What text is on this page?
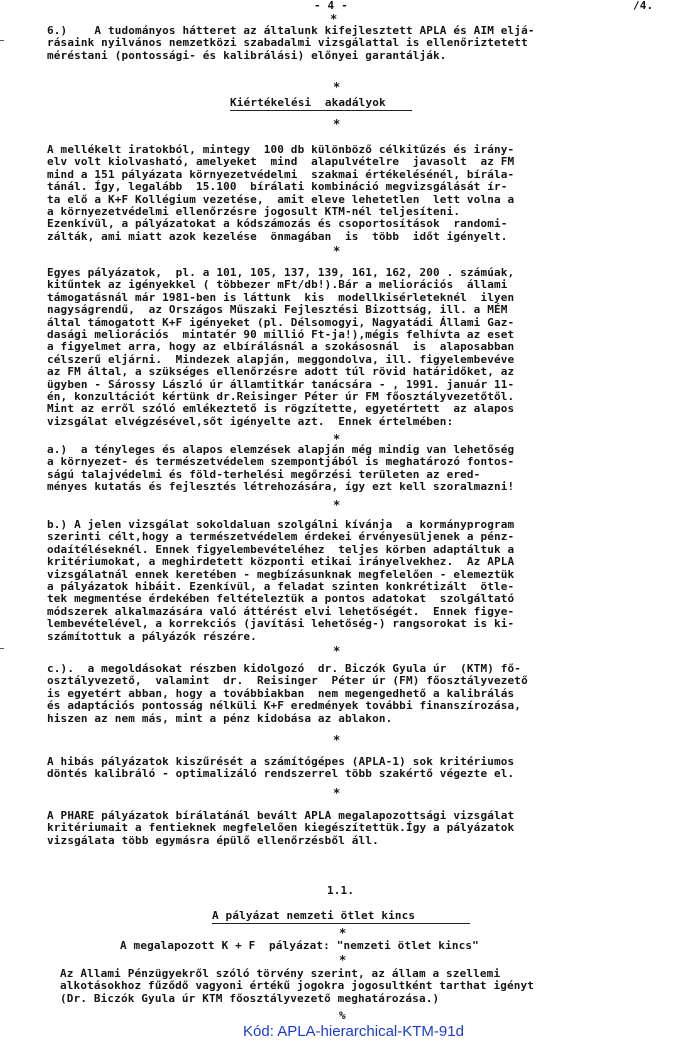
- 4 -	/4.
*
6.)    A tudományos hátteret az általunk kifejlesztett APLA és AIM eljá-
rásaink nyilvános nemzetközi szabadalmi vizsgálattal is ellenőriztetett
méréstani (pontossági- és kalibrálási) előnyei garantálják.
*
Kiértékelési  akadályok
*
A mellékelt iratokból, mintegy  100 db különböző célkitűzés és irány-
elv volt kiolvasható, amelyeket  mind  alapulvételre  javasolt  az FM
mind a 151 pályázata környezetvédelmi  szakmai értékelésénél, bírála-
tánál. Így, legalább  15.100  bírálati kombináció megvizsgálását ír-
ta elő a K+F Kollégium vezetése,  amit eleve lehetetlen  lett volna a
a környezetvédelmi ellenőrzésre jogosult KTM-nél teljesíteni.
Ezenkívül, a pályázatokat a kódszámozás és csoportosítások  randomi-
zálták, ami miatt azok kezelése  önmagában  is  több  időt igényelt.
*
Egyes pályázatok,  pl. a 101, 105, 137, 139, 161, 162, 200 . számúak,
kitűntek az igényekkel ( többezer mFt/db!).Bár a meliorációs  állami
támogatásnál már 1981-ben is láttunk  kis  modellkisérleteknél  ilyen
nagyságrendű,  az Országos Műszaki Fejlesztési Bizottság, ill. a MÉM
által támogatott K+F igényeket (pl. Délsomogyi, Nagyatádi Állami Gaz-
dasági meliorációs  mintatér 90 millió Ft-ja!),mégis felhívta az eset
a figyelmet arra, hogy az elbírálásnál a szokásosnál  is  alaposabban
célszerű eljárni.  Mindezek alapján, meggondolva, ill. figyelembevéve
az FM által, a szükséges ellenőrzésre adott túl rövid határidőket, az
ügyben - Sárossy László úr államtitkár tanácsára - , 1991. január 11-
én, konzultációt kértünk dr.Reisinger Péter úr FM főosztályvezetőtől.
Mint az erről szóló emlékeztető is rögzítette, egyetértett  az alapos
vizsgálat elvégzésével,sőt igényelte azt.  Ennek értelmében:
*
a.)  a tényleges és alapos elemzések alapján még mindig van lehetőség
a környezet- és természetvédelem szempontjából is meghatározó fontos-
ságú talajvédelmi és föld-terhelési megőrzési területen az ered-
ményes kutatás és fejlesztés létrehozására, így ezt kell szoralmazni!
*
b.) A jelen vizsgálat sokoldaluan szolgálni kívánja  a kormányprogram
szerinti célt,hogy a természetvédelem érdekei érvényesüljenek a pénz-
odaítéléseknél. Ennek figyelembevételéhez  teljes körben adaptáltuk a
kritériumokat, a meghirdetett központi etikai irányelvekhez.  Az APLA
vizsgálatnál ennek keretében - megbízásunknak megfelelően - elemeztük
a pályázatok hibáit. Ezenkívül, a feladat szinten konkrétizált  ötle-
tek megmentése érdekében feltételeztük a pontos adatokat  szolgáltató
módszerek alkalmazására való áttérést elvi lehetőségét.  Ennek figye-
lembevételével, a korrekciós (javítási lehetőség-) rangsorokat is ki-
számítottuk a pályázók részére.
*
c.).  a megoldásokat részben kidolgozó  dr. Biczók Gyula úr  (KTM) fő-
osztályvezető,  valamint  dr.  Reisinger  Péter úr (FM) főosztályvezető
is egyetért abban, hogy a továbbiakban  nem megengedhető a kalibrálás
és adaptációs pontosság nélküli K+F eredmények további finanszírozása,
hiszen az nem más, mint a pénz kidobása az ablakon.
*
A hibás pályázatok kiszűrését a számítógépes (APLA-1) sok kritériumos
döntés kalibráló - optimalizáló rendszerrel több szakértő végezte el.
*
A PHARE pályázatok bírálatánál bevált APLA megalapozottsági vizsgálat
kritériumait a fentieknek megfelelően kiegészítettük.Így a pályázatok
vizsgálata több egymásra épülő ellenőrzésből áll.
1.1.
A pályázat nemzeti ötlet kincs
*
A megalapozott K + F  pályázat: "nemzeti ötlet kincs"
*
Az Állami Pénzügyekről szóló törvény szerint, az állam a szellemi
alkotásokhoz fűződő vagyoni értékű jogokra jogosultként tarthat igényt
(Dr. Biczók Gyula úr KTM főosztályvezető meghatározása.)
%
Kód: APLA-hierarchical-KTM-91d
